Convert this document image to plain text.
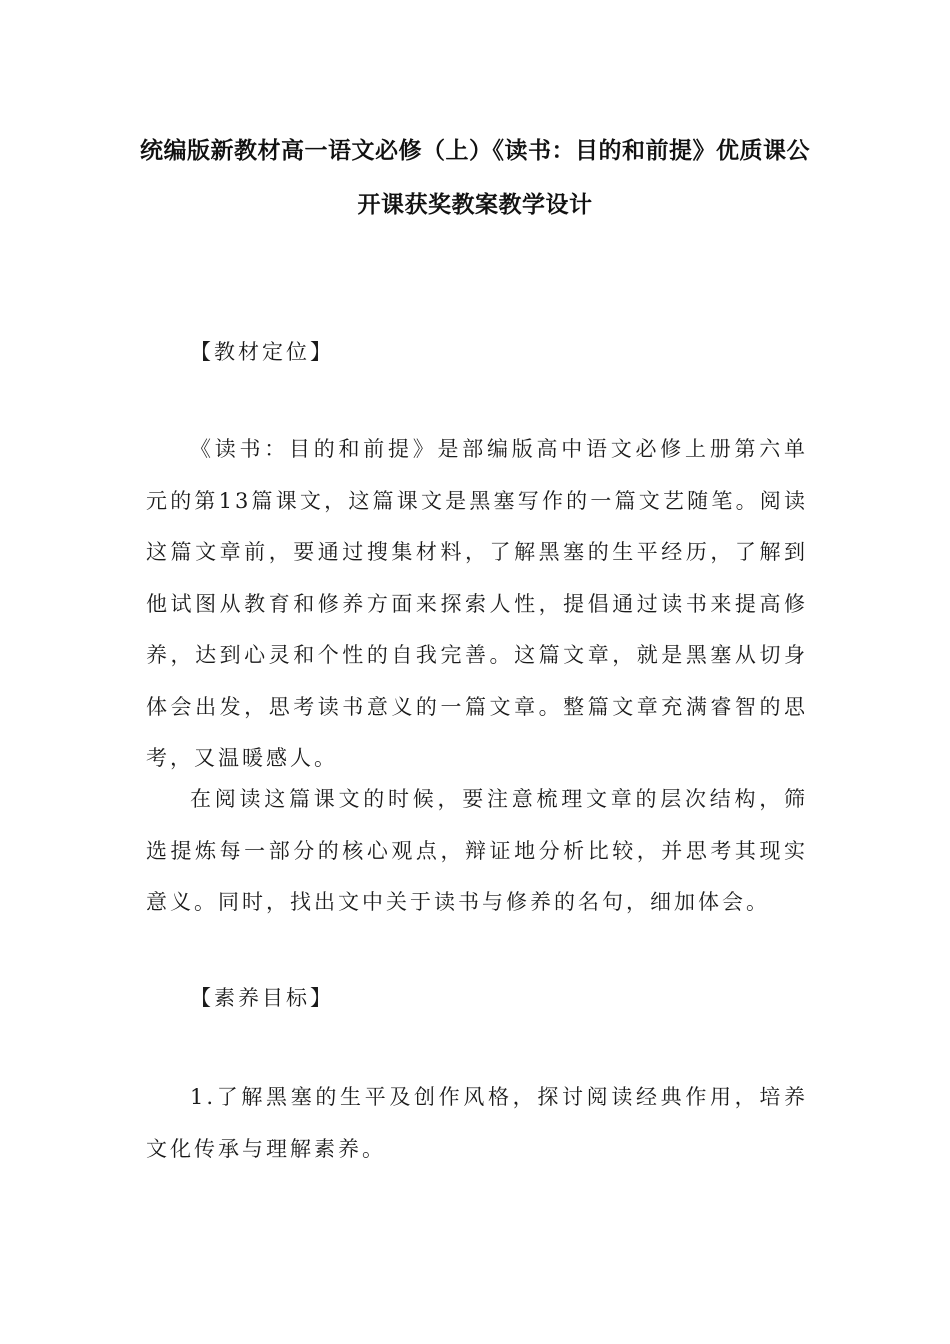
统编版新教材高一语文必修（上）《读书：目的和前提》优质课公
开课获奖教案教学设计
【教材定位】
《读书：目的和前提》是部编版高中语文必修上册第六单元的第13篇课文，这篇课文是黑塞写作的一篇文艺随笔。阅读这篇文章前，要通过搜集材料，了解黑塞的生平经历，了解到他试图从教育和修养方面来探索人性，提倡通过读书来提高修养，达到心灵和个性的自我完善。这篇文章，就是黑塞从切身体会出发，思考读书意义的一篇文章。整篇文章充满睿智的思考，又温暖感人。
在阅读这篇课文的时候，要注意梳理文章的层次结构，筛选提炼每一部分的核心观点，辩证地分析比较，并思考其现实意义。同时，找出文中关于读书与修养的名句，细加体会。
【素养目标】
1.了解黑塞的生平及创作风格，探讨阅读经典作用，培养文化传承与理解素养。
